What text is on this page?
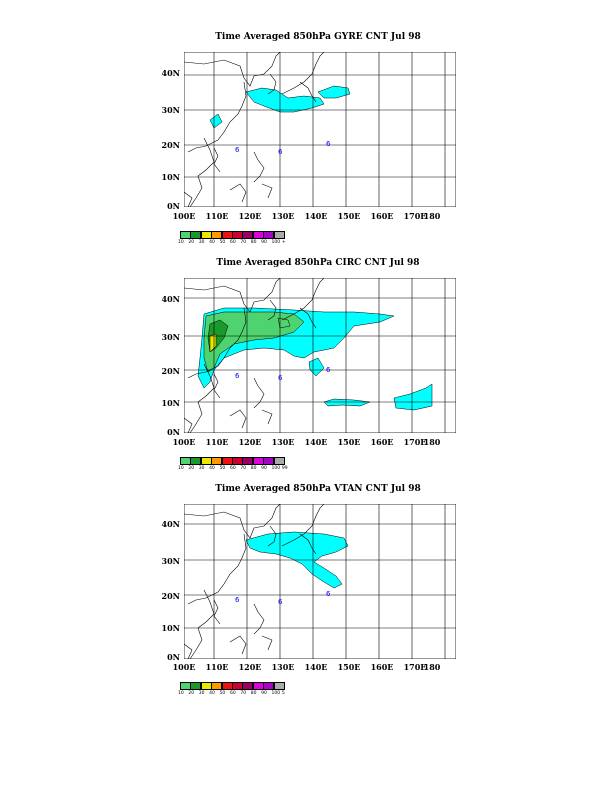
Time Averaged 850hPa GYRE CNT Jul 98
6	6
6
40N
30N
20N
10N
0N
100E	110E	120E	130E	140E	150E	160E	170E
180
10	20	30	40	50	60	70	80	90	100 +
Time Averaged 850hPa CIRC CNT Jul 98
6	6
6
40N
30N
20N
10N
0N
100E	110E	120E	130E	140E	150E	160E	170E
180
10	20	30	40	50	60	70	80	90	100 99
Time Averaged 850hPa VTAN CNT Jul 98
6	6
6
40N
30N
20N
10N
0N
100E	110E	120E	130E	140E	150E	160E	170E
180
10	20	30	40	50	60	70	80	90	100 5
